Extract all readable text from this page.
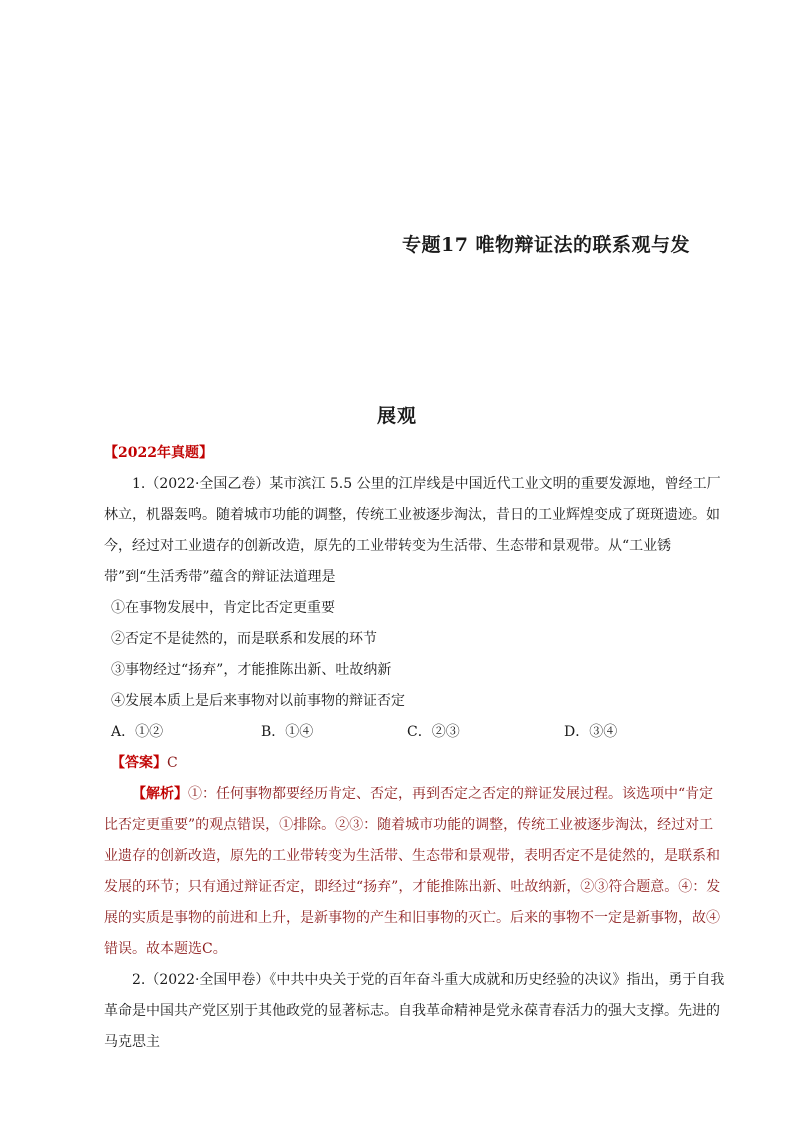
专题17 唯物辩证法的联系观与发
展观

【2022年真题】

1.（2022·全国乙卷）某市滨江 5.5 公里的江岸线是中国近代工业文明的重要发源地，曾经工厂林立，机器轰鸣。随着城市功能的调整，传统工业被逐步淘汰，昔日的工业辉煌变成了斑斑遗迹。如今，经过对工业遗存的创新改造，原先的工业带转变为生活带、生态带和景观带。从“工业锈带”到“生活秀带”蕴含的辩证法道理是

①在事物发展中，肯定比否定更重要

②否定不是徒然的，而是联系和发展的环节

③事物经过“扬弃”，才能推陈出新、吐故纳新

④发展本质上是后来事物对以前事物的辩证否定

A．①②	B．①④	C．②③	D．③④

【答案】C

【解析】①：任何事物都要经历肯定、否定，再到否定之否定的辩证发展过程。该选项中“肯定比否定更重要”的观点错误，①排除。②③：随着城市功能的调整，传统工业被逐步淘汰，经过对工业遗存的创新改造，原先的工业带转变为生活带、生态带和景观带，表明否定不是徒然的，是联系和发展的环节；只有通过辩证否定，即经过“扬弃”，才能推陈出新、吐故纳新，②③符合题意。④：发展的实质是事物的前进和上升，是新事物的产生和旧事物的灭亡。后来的事物不一定是新事物，故④错误。故本题选C。

2.（2022·全国甲卷）《中共中央关于党的百年奋斗重大成就和历史经验的决议》指出，勇于自我革命是中国共产党区别于其他政党的显著标志。自我革命精神是党永葆青春活力的强大支撑。先进的马克思主
